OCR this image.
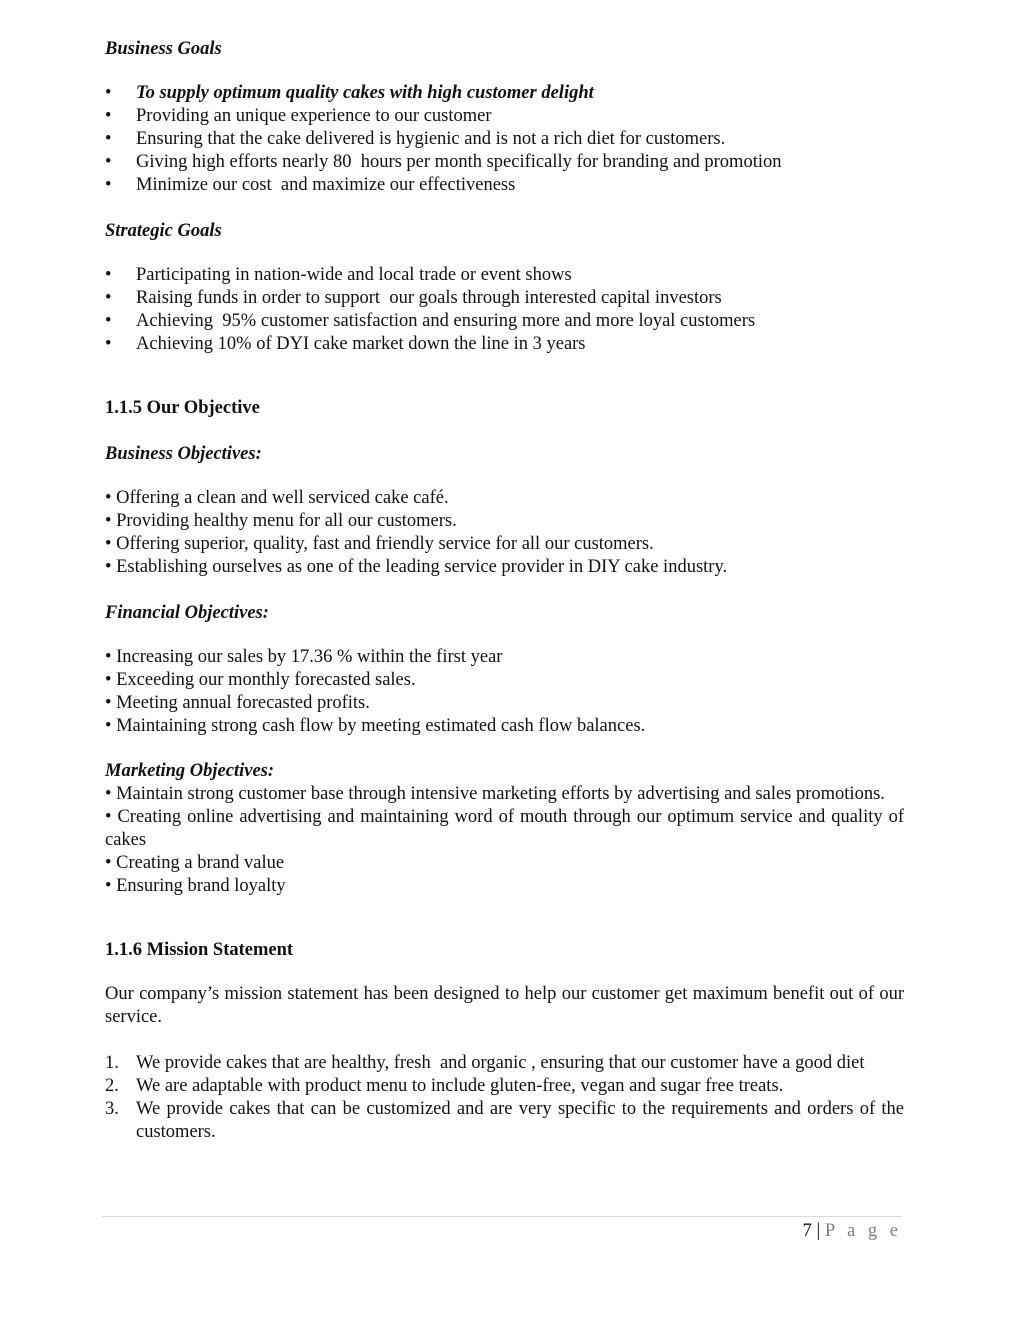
Business Goals

• To supply optimum quality cakes with high customer delight
• Providing an unique experience to our customer
• Ensuring that the cake delivered is hygienic and is not a rich diet for customers.
• Giving high efforts nearly 80  hours per month specifically for branding and promotion
• Minimize our cost  and maximize our effectiveness

Strategic Goals

• Participating in nation-wide and local trade or event shows
• Raising funds in order to support  our goals through interested capital investors
• Achieving  95% customer satisfaction and ensuring more and more loyal customers
• Achieving 10% of DYI cake market down the line in 3 years

1.1.5 Our Objective

Business Objectives:

• Offering a clean and well serviced cake café.
• Providing healthy menu for all our customers.
• Offering superior, quality, fast and friendly service for all our customers.
• Establishing ourselves as one of the leading service provider in DIY cake industry.

Financial Objectives:

• Increasing our sales by 17.36 % within the first year
• Exceeding our monthly forecasted sales.
• Meeting annual forecasted profits.
• Maintaining strong cash flow by meeting estimated cash flow balances.

Marketing Objectives:

• Maintain strong customer base through intensive marketing efforts by advertising and sales promotions.
• Creating online advertising and maintaining word of mouth through our optimum service and quality of cakes
• Creating a brand value
• Ensuring brand loyalty

1.1.6 Mission Statement

Our company’s mission statement has been designed to help our customer get maximum benefit out of our service.

1. We provide cakes that are healthy, fresh  and organic , ensuring that our customer have a good diet
2. We are adaptable with product menu to include gluten-free, vegan and sugar free treats.
3. We provide cakes that can be customized and are very specific to the requirements and orders of the customers.
7 | P a g e
